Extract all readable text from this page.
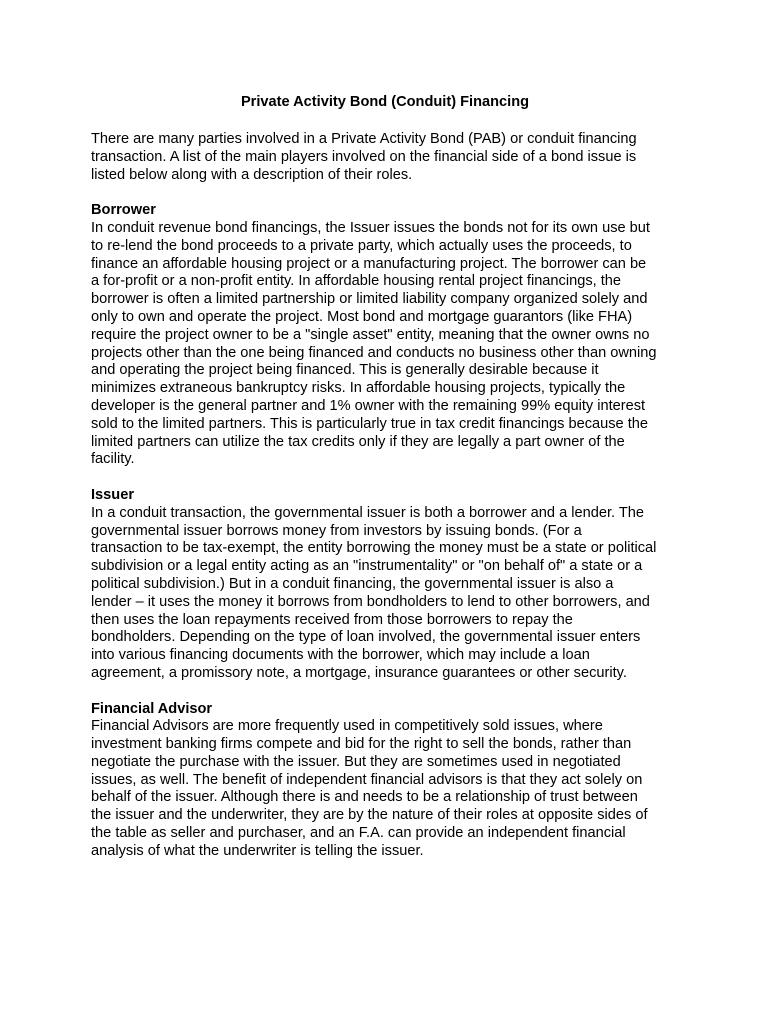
Private Activity Bond (Conduit) Financing

There are many parties involved in a Private Activity Bond (PAB) or conduit financing
transaction. A list of the main players involved on the financial side of a bond issue is
listed below along with a description of their roles.

Borrower

In conduit revenue bond financings, the Issuer issues the bonds not for its own use but
to re-lend the bond proceeds to a private party, which actually uses the proceeds, to
finance an affordable housing project or a manufacturing project. The borrower can be
a for-profit or a non-profit entity. In affordable housing rental project financings, the
borrower is often a limited partnership or limited liability company organized solely and
only to own and operate the project. Most bond and mortgage guarantors (like FHA)
require the project owner to be a "single asset" entity, meaning that the owner owns no
projects other than the one being financed and conducts no business other than owning
and operating the project being financed. This is generally desirable because it
minimizes extraneous bankruptcy risks. In affordable housing projects, typically the
developer is the general partner and 1% owner with the remaining 99% equity interest
sold to the limited partners. This is particularly true in tax credit financings because the
limited partners can utilize the tax credits only if they are legally a part owner of the
facility.

Issuer

In a conduit transaction, the governmental issuer is both a borrower and a lender. The
governmental issuer borrows money from investors by issuing bonds. (For a
transaction to be tax-exempt, the entity borrowing the money must be a state or political
subdivision or a legal entity acting as an "instrumentality" or "on behalf of" a state or a
political subdivision.) But in a conduit financing, the governmental issuer is also a
lender – it uses the money it borrows from bondholders to lend to other borrowers, and
then uses the loan repayments received from those borrowers to repay the
bondholders. Depending on the type of loan involved, the governmental issuer enters
into various financing documents with the borrower, which may include a loan
agreement, a promissory note, a mortgage, insurance guarantees or other security.

Financial Advisor

Financial Advisors are more frequently used in competitively sold issues, where
investment banking firms compete and bid for the right to sell the bonds, rather than
negotiate the purchase with the issuer. But they are sometimes used in negotiated
issues, as well. The benefit of independent financial advisors is that they act solely on
behalf of the issuer. Although there is and needs to be a relationship of trust between
the issuer and the underwriter, they are by the nature of their roles at opposite sides of
the table as seller and purchaser, and an F.A. can provide an independent financial
analysis of what the underwriter is telling the issuer.
